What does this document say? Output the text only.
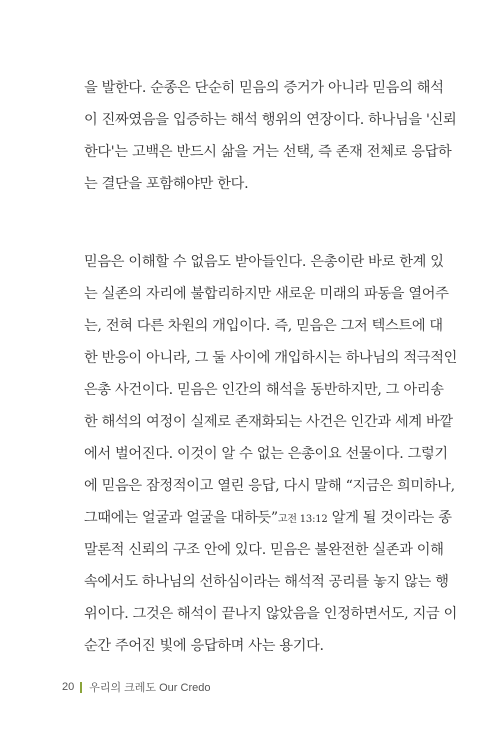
을 발한다. 순종은 단순히 믿음의 증거가 아니라 믿음의 해석
이 진짜였음을 입증하는 해석 행위의 연장이다. 하나님을 '신뢰
한다'는 고백은 반드시 삶을 거는 선택, 즉 존재 전체로 응답하
는 결단을 포함해야만 한다.
믿음은 이해할 수 없음도 받아들인다. 은총이란 바로 한계 있
는 실존의 자리에 불합리하지만 새로운 미래의 파동을 열어주
는, 전혀 다른 차원의 개입이다. 즉, 믿음은 그저 텍스트에 대
한 반응이 아니라, 그 둘 사이에 개입하시는 하나님의 적극적인
은총 사건이다. 믿음은 인간의 해석을 동반하지만, 그 아리송
한 해석의 여정이 실제로 존재화되는 사건은 인간과 세계 바깥
에서 벌어진다. 이것이 알 수 없는 은총이요 선물이다. 그렇기
에 믿음은 잠정적이고 열린 응답, 다시 말해 “지금은 희미하나,
그때에는 얼굴과 얼굴을 대하듯”고전 13:12 알게 될 것이라는 종
말론적 신뢰의 구조 안에 있다. 믿음은 불완전한 실존과 이해
속에서도 하나님의 선하심이라는 해석적 공리를 놓지 않는 행
위이다. 그것은 해석이 끝나지 않았음을 인정하면서도, 지금 이
순간 주어진 빛에 응답하며 사는 용기다.
20 우리의 크레도 Our Credo
